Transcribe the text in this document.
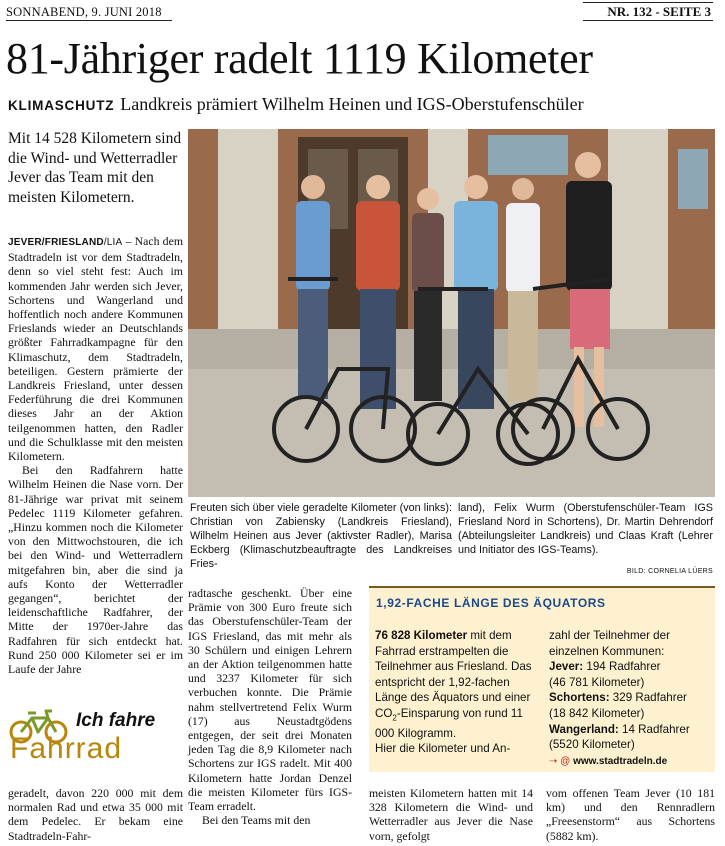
SONNABEND, 9. JUNI 2018	NR. 132 - SEITE 3
81-Jähriger radelt 1119 Kilometer
KLIMASCHUTZ Landkreis prämiert Wilhelm Heinen und IGS-Oberstufenschüler
Mit 14 528 Kilometern sind die Wind- und Wetterradler Jever das Team mit den meisten Kilometern.

JEVER/FRIESLAND/LIA – Nach dem Stadtradeln ist vor dem Stadtradeln, denn so viel steht fest: Auch im kommenden Jahr werden sich Jever, Schortens und Wangerland und hoffentlich noch andere Kommunen Frieslands wieder an Deutschlands größter Fahrradkampagne für den Klimaschutz, dem Stadtradeln, beteiligen. Gestern prämierte der Landkreis Friesland, unter dessen Federführung die drei Kommunen dieses Jahr an der Aktion teilgenommen hatten, den Radler und die Schulklasse mit den meisten Kilometern.

Bei den Radfahrern hatte Wilhelm Heinen die Nase vorn. Der 81-Jährige war privat mit seinem Pedelec 1119 Kilometer gefahren. „Hinzu kommen noch die Kilometer von den Mittwochstouren, die ich bei den Wind- und Wetterradlern mitgefahren bin, aber die sind ja aufs Konto der Wetterradler gegangen“, berichtet der leidenschaftliche Radfahrer, der Mitte der 1970er-Jahre das Radfahren für sich entdeckt hat. Rund 250 000 Kilometer sei er im Laufe der Jahre

Ich fahre
Fahrrad

geradelt, davon 220 000 mit dem normalen Rad und etwa 35 000 mit dem Pedelec. Er bekam eine Stadtradeln-Fahr-

Freuten sich über viele geradelte Kilometer (von links): Christian von Zabiensky (Landkreis Friesland), Wilhelm Heinen aus Jever (aktivster Radler), Marisa Eckberg (Klimaschutzbeauftragte des Landkreises Fries-
land), Felix Wurm (Oberstufenschüler-Team IGS Friesland Nord in Schortens), Dr. Martin Dehrendorf (Abteilungsleiter Landkreis) und Claas Kraft (Lehrer und Initiator des IGS-Teams).
BILD: CORNELIA LÜERS

radtasche geschenkt. Über eine Prämie von 300 Euro freute sich das Oberstufenschüler-Team der IGS Friesland, das mit mehr als 30 Schülern und einigen Lehrern an der Aktion teilgenommen hatte und 3237 Kilometer für sich verbuchen konnte. Die Prämie nahm stellvertretend Felix Wurm (17) aus Neustadtgödens entgegen, der seit drei Monaten jeden Tag die 8,9 Kilometer nach Schortens zur IGS radelt. Mit 400 Kilometern hatte Jordan Denzel die meisten Kilometer fürs IGS-Team erradelt.

Bei den Teams mit den

1,92-FACHE LÄNGE DES ÄQUATORS
76 828 Kilometer mit dem Fahrrad erstrampelten die Teilnehmer aus Friesland. Das entspricht der 1,92-fachen Länge des Äquators und einer $CO_2$-Einsparung von rund 11 000 Kilogramm.
Hier die Kilometer und An-
zahl der Teilnehmer der einzelnen Kommunen:
Jever: 194 Radfahrer
(46 781 Kilometer)
Schortens: 329 Radfahrer
(18 842 Kilometer)
Wangerland: 14 Radfahrer
(5520 Kilometer)
➝ @ www.stadtradeln.de

meisten Kilometern hatten mit 14 328 Kilometern die Wind- und Wetterradler aus Jever die Nase vorn, gefolgt

vom offenen Team Jever (10 181 km) und den Rennradlern „Freesenstorm“ aus Schortens (5882 km).
